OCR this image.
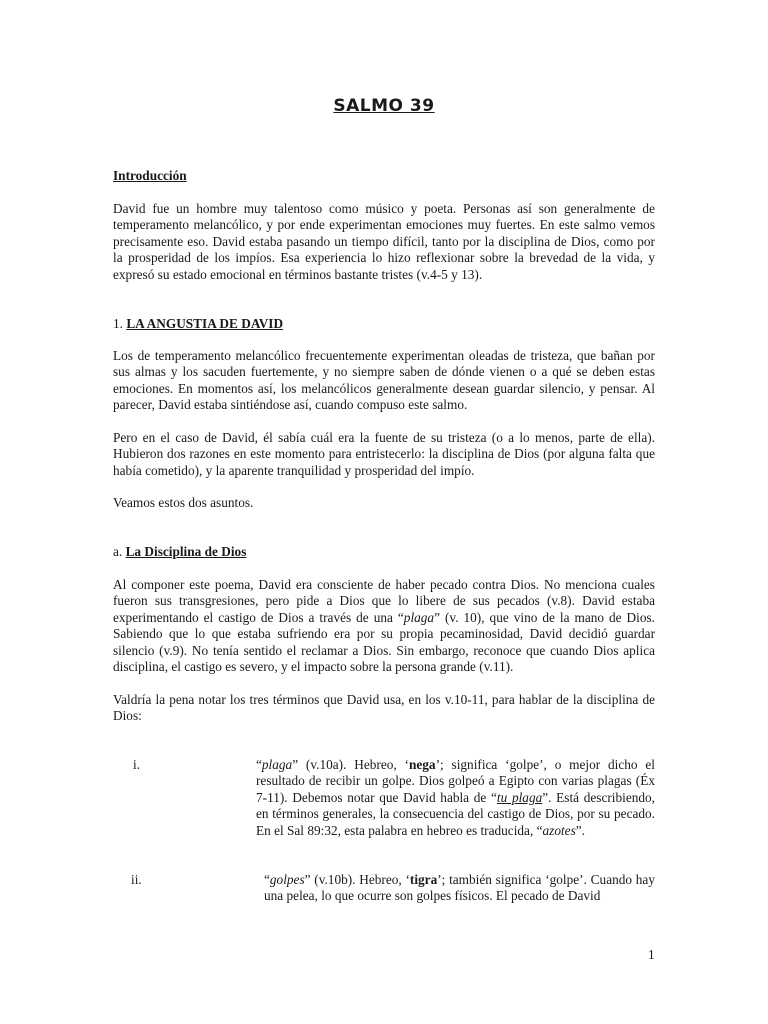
SALMO 39
Introducción

David fue un hombre muy talentoso como músico y poeta. Personas así son generalmente de temperamento melancólico, y por ende experimentan emociones muy fuertes. En este salmo vemos precisamente eso. David estaba pasando un tiempo difícil, tanto por la disciplina de Dios, como por la prosperidad de los impíos. Esa experiencia lo hizo reflexionar sobre la brevedad de la vida, y expresó su estado emocional en términos bastante tristes (v.4-5 y 13).

1. LA ANGUSTIA DE DAVID

Los de temperamento melancólico frecuentemente experimentan oleadas de tristeza, que bañan por sus almas y los sacuden fuertemente, y no siempre saben de dónde vienen o a qué se deben estas emociones. En momentos así, los melancólicos generalmente desean guardar silencio, y pensar. Al parecer, David estaba sintiéndose así, cuando compuso este salmo.

Pero en el caso de David, él sabía cuál era la fuente de su tristeza (o a lo menos, parte de ella). Hubieron dos razones en este momento para entristecerlo: la disciplina de Dios (por alguna falta que había cometido), y la aparente tranquilidad y prosperidad del impío.

Veamos estos dos asuntos.

a. La Disciplina de Dios

Al componer este poema, David era consciente de haber pecado contra Dios. No menciona cuales fueron sus transgresiones, pero pide a Dios que lo libere de sus pecados (v.8). David estaba experimentando el castigo de Dios a través de una “plaga” (v. 10), que vino de la mano de Dios. Sabiendo que lo que estaba sufriendo era por su propia pecaminosidad, David decidió guardar silencio (v.9). No tenía sentido el reclamar a Dios. Sin embargo, reconoce que cuando Dios aplica disciplina, el castigo es severo, y el impacto sobre la persona grande (v.11).

Valdría la pena notar los tres términos que David usa, en los v.10-11, para hablar de la disciplina de Dios:

i.	“plaga” (v.10a). Hebreo, ‘nega’; significa ‘golpe’, o mejor dicho el resultado de recibir un golpe. Dios golpeó a Egipto con varias plagas (Éx 7-11). Debemos notar que David habla de “tu plaga”. Está describiendo, en términos generales, la consecuencia del castigo de Dios, por su pecado. En el Sal 89:32, esta palabra en hebreo es traducida, “azotes”.

ii.	“golpes” (v.10b). Hebreo, ‘tigra’; también significa ‘golpe’. Cuando hay una pelea, lo que ocurre son golpes físicos. El pecado de David

1
